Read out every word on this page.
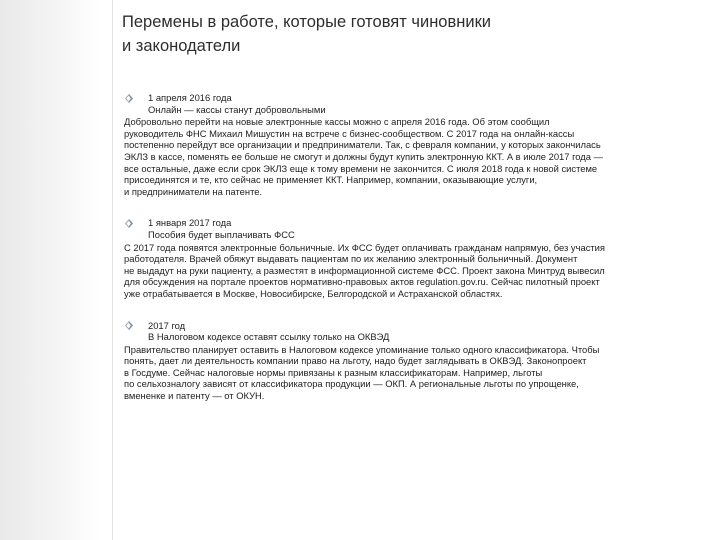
Перемены в работе, которые готовят чиновники
и законодатели
1 апреля 2016 года
Онлайн — кассы станут добровольными

Добровольно перейти на новые электронные кассы можно с апреля 2016 года. Об этом сообщил
руководитель ФНС Михаил Мишустин на встрече с бизнес-сообществом. С 2017 года на онлайн-кассы
постепенно перейдут все организации и предприниматели. Так, с февраля компании, у которых закончилась
ЭКЛЗ в кассе, поменять ее больше не смогут и должны будут купить электронную ККТ. А в июле 2017 года —
все остальные, даже если срок ЭКЛЗ еще к тому времени не закончится. С июля 2018 года к новой системе
присоединятся и те, кто сейчас не применяет ККТ. Например, компании, оказывающие услуги,
и предприниматели на патенте.

1 января 2017 года
Пособия будет выплачивать ФСС

С 2017 года появятся электронные больничные. Их ФСС будет оплачивать гражданам напрямую, без участия
работодателя. Врачей обяжут выдавать пациентам по их желанию электронный больничный. Документ
не выдадут на руки пациенту, а разместят в информационной системе ФСС. Проект закона Минтруд вывесил
для обсуждения на портале проектов нормативно-правовых актов regulation.gov.ru. Сейчас пилотный проект
уже отрабатывается в Москве, Новосибирске, Белгородской и Астраханской областях.

2017 год
В Налоговом кодексе оставят ссылку только на ОКВЭД

Правительство планирует оставить в Налоговом кодексе упоминание только одного классификатора. Чтобы
понять, дает ли деятельность компании право на льготу, надо будет заглядывать в ОКВЭД. Законопроект
в Госдуме. Сейчас налоговые нормы привязаны к разным классификаторам. Например, льготы
по сельхозналогу зависят от классификатора продукции — ОКП. А региональные льготы по упрощенке,
вмененке и патенту — от ОКУН.
